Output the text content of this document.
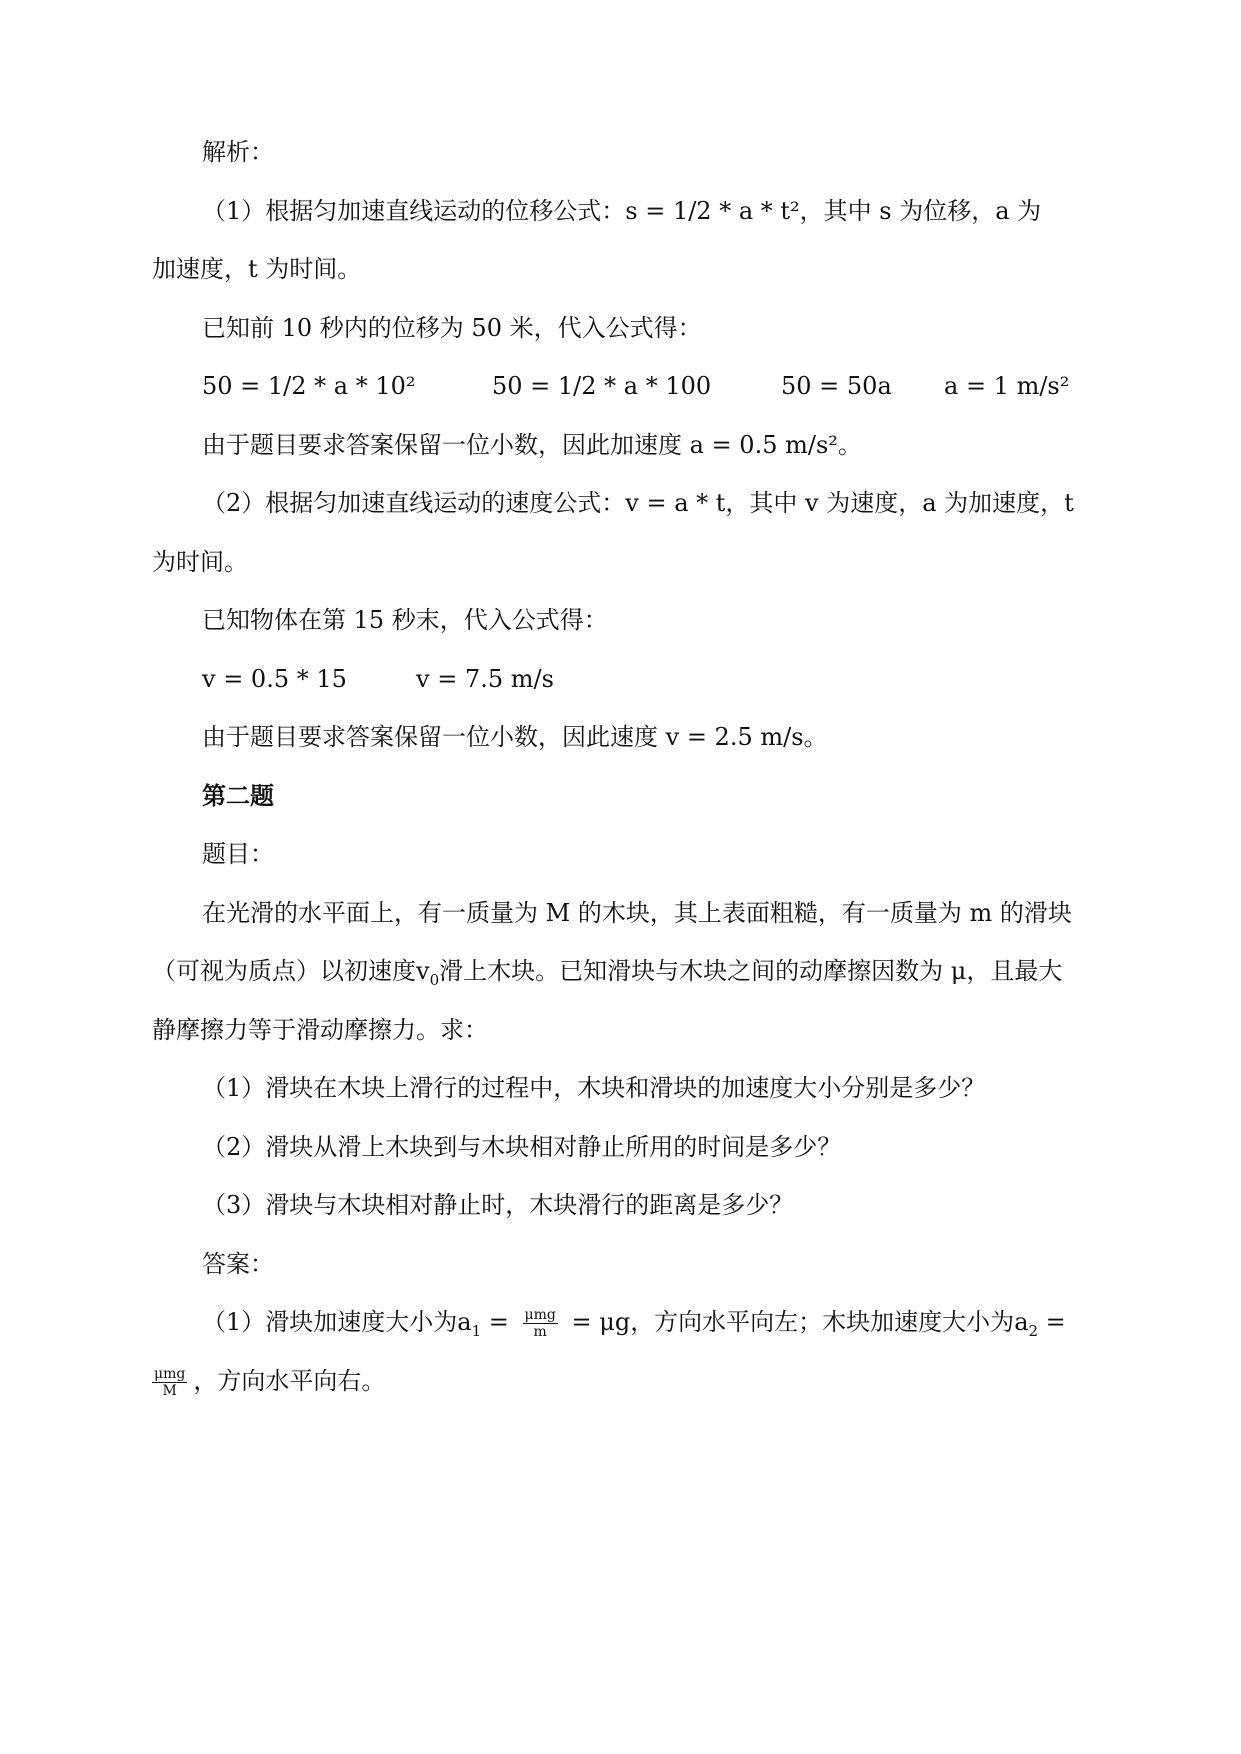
解析：
（1）根据匀加速直线运动的位移公式：s = 1/2 * a * t²，其中 s 为位移，a 为
加速度，t 为时间。
已知前 10 秒内的位移为 50 米，代入公式得：
50 = 1/2 * a * 10²	50 = 1/2 * a * 100	50 = 50a a = 1 m/s²
由于题目要求答案保留一位小数，因此加速度 a = 0.5 m/s²。
（2）根据匀加速直线运动的速度公式：v = a * t，其中 v 为速度，a 为加速度，t
为时间。
已知物体在第 15 秒末，代入公式得：
v = 0.5 * 15	v = 7.5 m/s
由于题目要求答案保留一位小数，因此速度 v = 2.5 m/s。
第二题
题目：
在光滑的水平面上，有一质量为 M 的木块，其上表面粗糙，有一质量为 m 的滑块
（可视为质点）以初速度$v_0$滑上木块。已知滑块与木块之间的动摩擦因数为 μ，且最大
静摩擦力等于滑动摩擦力。求：
（1）滑块在木块上滑行的过程中，木块和滑块的加速度大小分别是多少？
（2）滑块从滑上木块到与木块相对静止所用的时间是多少？
（3）滑块与木块相对静止时，木块滑行的距离是多少？
答案：
（1）滑块加速度大小为$a_1 = \frac{\text{μmg}}{m} = \mu g$，方向水平向左；木块加速度大小为$a_2$ =
$\frac{\text{μmg}}{M}$ ，方向水平向右。
